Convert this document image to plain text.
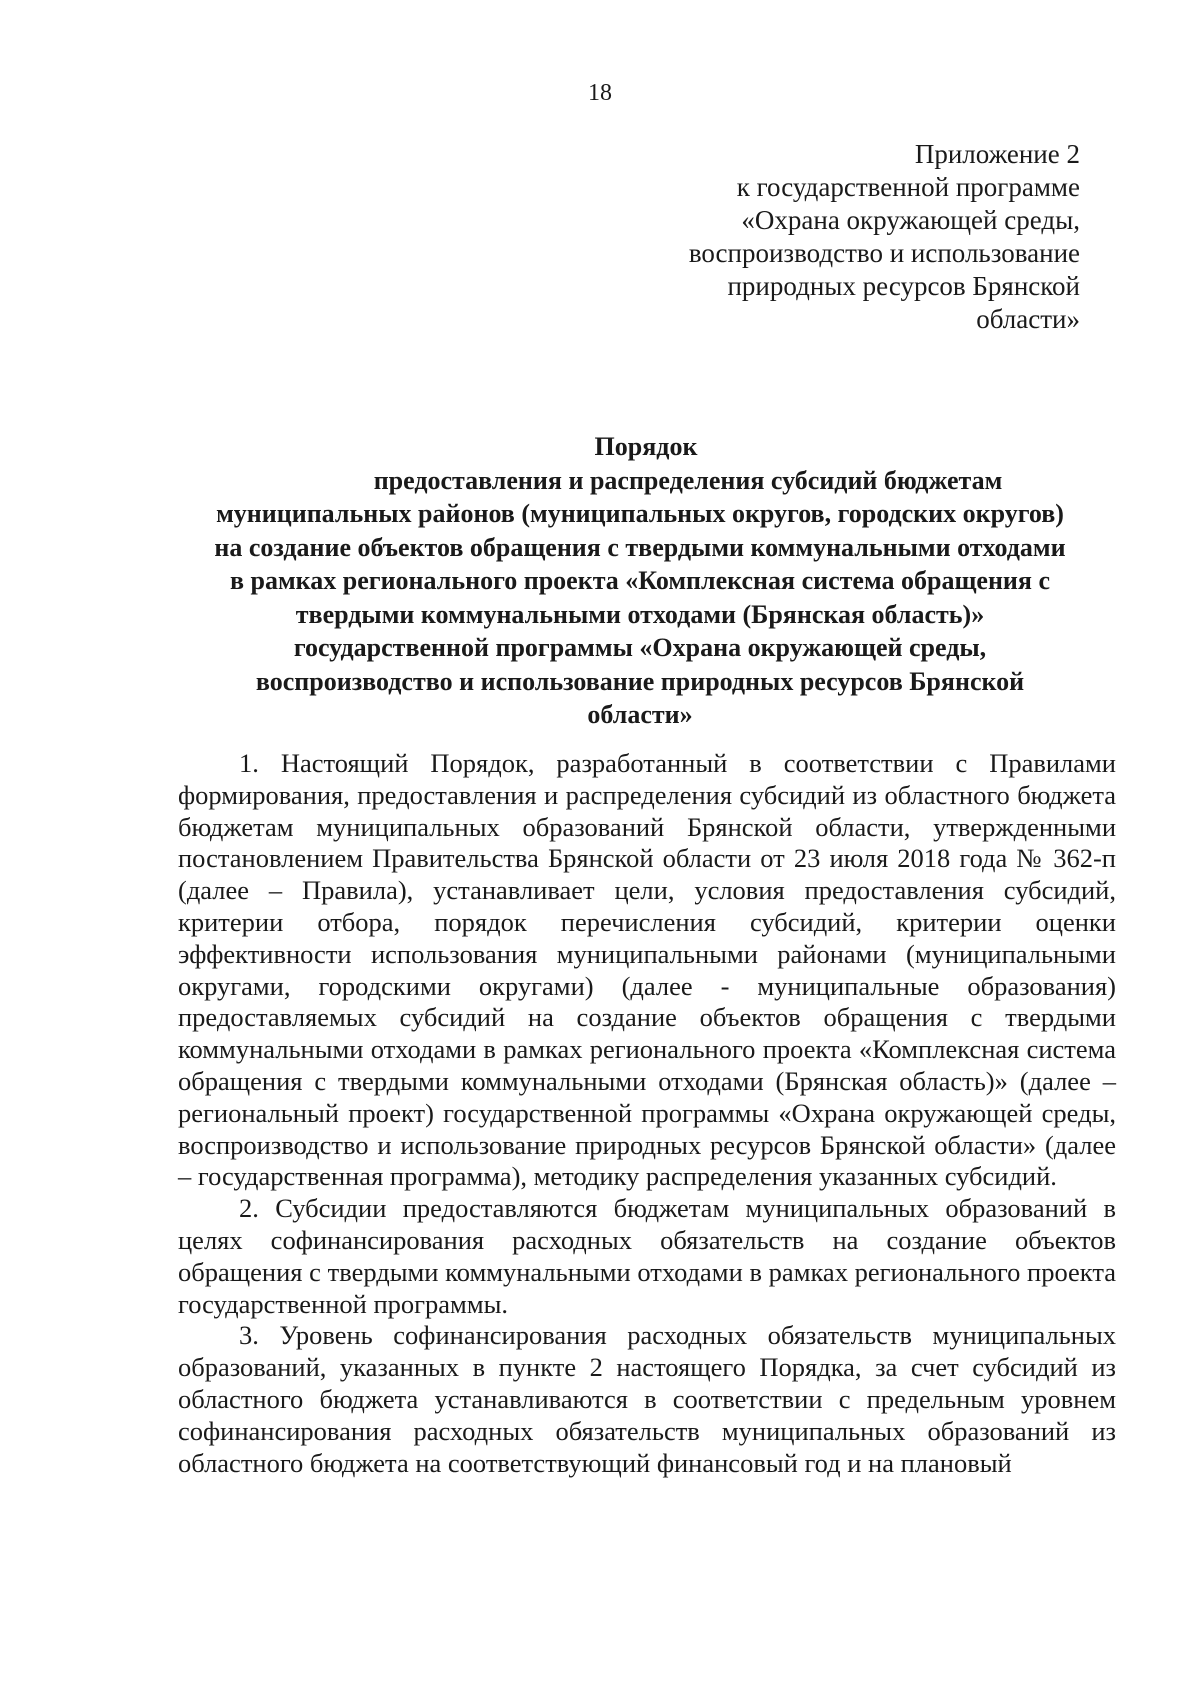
18
Приложение 2
к государственной программе
«Охрана окружающей среды,
воспроизводство и использование
природных ресурсов Брянской
области»
Порядок
предоставления и распределения субсидий бюджетам
муниципальных районов (муниципальных округов, городских округов)
на создание объектов обращения с твердыми коммунальными отходами
в рамках регионального проекта «Комплексная система обращения с
твердыми коммунальными отходами (Брянская область)»
государственной программы «Охрана окружающей среды,
воспроизводство и использование природных ресурсов Брянской
области»

1. Настоящий Порядок, разработанный в соответствии с Правилами формирования, предоставления и распределения субсидий из областного бюджета бюджетам муниципальных образований Брянской области, утвержденными постановлением Правительства Брянской области от 23 июля 2018 года № 362-п (далее – Правила), устанавливает цели, условия предоставления субсидий, критерии отбора, порядок перечисления субсидий, критерии оценки эффективности использования муниципальными районами (муниципальными округами, городскими округами) (далее - муниципальные образования) предоставляемых субсидий на создание объектов обращения с твердыми коммунальными отходами в рамках регионального проекта «Комплексная система обращения с твердыми коммунальными отходами (Брянская область)» (далее – региональный проект) государственной программы «Охрана окружающей среды, воспроизводство и использование природных ресурсов Брянской области» (далее – государственная программа), методику распределения указанных субсидий.

2. Субсидии предоставляются бюджетам муниципальных образований в целях софинансирования расходных обязательств на создание объектов обращения с твердыми коммунальными отходами в рамках регионального проекта государственной программы.

3. Уровень софинансирования расходных обязательств муниципальных образований, указанных в пункте 2 настоящего Порядка, за счет субсидий из областного бюджета устанавливаются в соответствии с предельным уровнем софинансирования расходных обязательств муниципальных образований из областного бюджета на соответствующий финансовый год и на плановый
